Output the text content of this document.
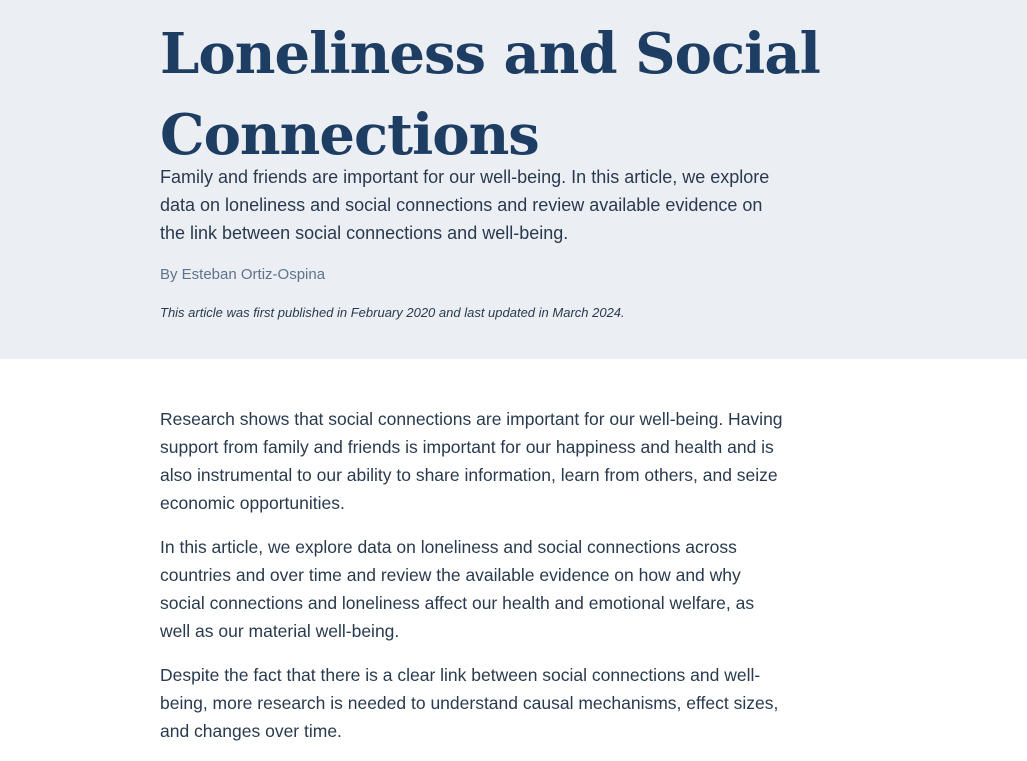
Loneliness and Social Connections

Family and friends are important for our well-being. In this article, we explore data on loneliness and social connections and review available evidence on the link between social connections and well-being.

By Esteban Ortiz-Ospina

This article was first published in February 2020 and last updated in March 2024.

Research shows that social connections are important for our well-being. Having support from family and friends is important for our happiness and health and is also instrumental to our ability to share information, learn from others, and seize economic opportunities.

In this article, we explore data on loneliness and social connections across countries and over time and review the available evidence on how and why social connections and loneliness affect our health and emotional welfare, as well as our material well-being.

Despite the fact that there is a clear link between social connections and well-being, more research is needed to understand causal mechanisms, effect sizes, and changes over time.
